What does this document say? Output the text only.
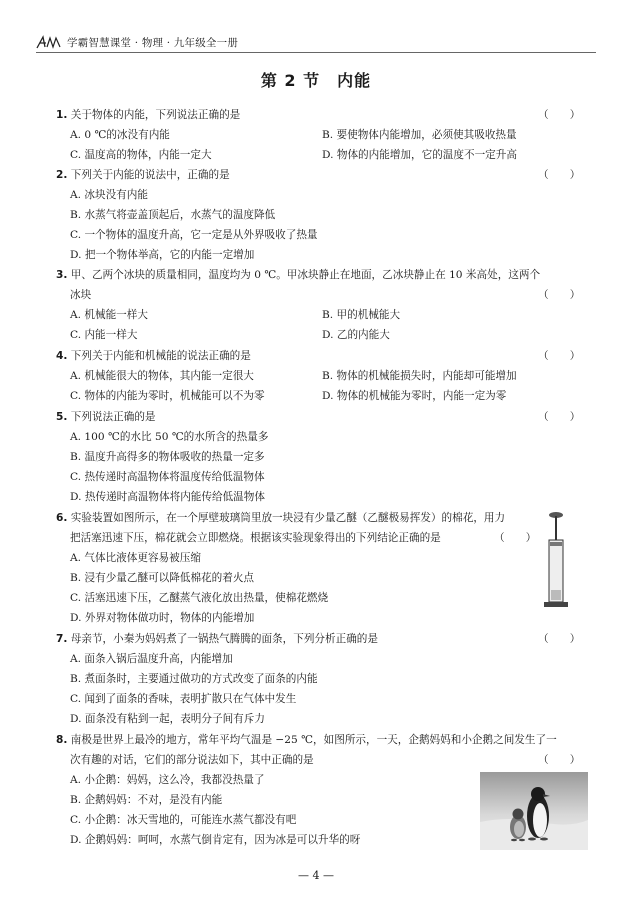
学霸智慧课堂 · 物理 · 九年级全一册
第 2 节　内能
1. 关于物体的内能，下列说法正确的是	（　　）
A. 0 ℃的冰没有内能	B. 要使物体内能增加，必须使其吸收热量
C. 温度高的物体，内能一定大	D. 物体的内能增加，它的温度不一定升高
2. 下列关于内能的说法中，正确的是	（　　）
A. 冰块没有内能
B. 水蒸气将壶盖顶起后，水蒸气的温度降低
C. 一个物体的温度升高，它一定是从外界吸收了热量
D. 把一个物体举高，它的内能一定增加
3. 甲、乙两个冰块的质量相同，温度均为 0 ℃。甲冰块静止在地面，乙冰块静止在 10 米高处，这两个
冰块	（　　）
A. 机械能一样大	B. 甲的机械能大
C. 内能一样大	D. 乙的内能大
4. 下列关于内能和机械能的说法正确的是	（　　）
A. 机械能很大的物体，其内能一定很大	B. 物体的机械能损失时，内能却可能增加
C. 物体的内能为零时，机械能可以不为零	D. 物体的机械能为零时，内能一定为零
5. 下列说法正确的是	（　　）
A. 100 ℃的水比 50 ℃的水所含的热量多
B. 温度升高得多的物体吸收的热量一定多
C. 热传递时高温物体将温度传给低温物体
D. 热传递时高温物体将内能传给低温物体
6. 实验装置如图所示，在一个厚壁玻璃筒里放一块浸有少量乙醚（乙醚极易挥发）的棉花，用力
把活塞迅速下压，棉花就会立即燃烧。根据该实验现象得出的下列结论正确的是	（　　）
A. 气体比液体更容易被压缩
B. 浸有少量乙醚可以降低棉花的着火点
C. 活塞迅速下压，乙醚蒸气液化放出热量，使棉花燃烧
D. 外界对物体做功时，物体的内能增加
7. 母亲节，小秦为妈妈煮了一锅热气腾腾的面条，下列分析正确的是	（　　）
A. 面条入锅后温度升高，内能增加
B. 煮面条时，主要通过做功的方式改变了面条的内能
C. 闻到了面条的香味，表明扩散只在气体中发生
D. 面条没有粘到一起，表明分子间有斥力
8. 南极是世界上最冷的地方，常年平均气温是 −25 ℃，如图所示，一天，企鹅妈妈和小企鹅之间发生了一
次有趣的对话，它们的部分说法如下，其中正确的是	（　　）
A. 小企鹅：妈妈，这么冷，我都没热量了
B. 企鹅妈妈：不对，是没有内能
C. 小企鹅：冰天雪地的，可能连水蒸气都没有吧
D. 企鹅妈妈：呵呵，水蒸气倒肯定有，因为冰是可以升华的呀
— 4 —
